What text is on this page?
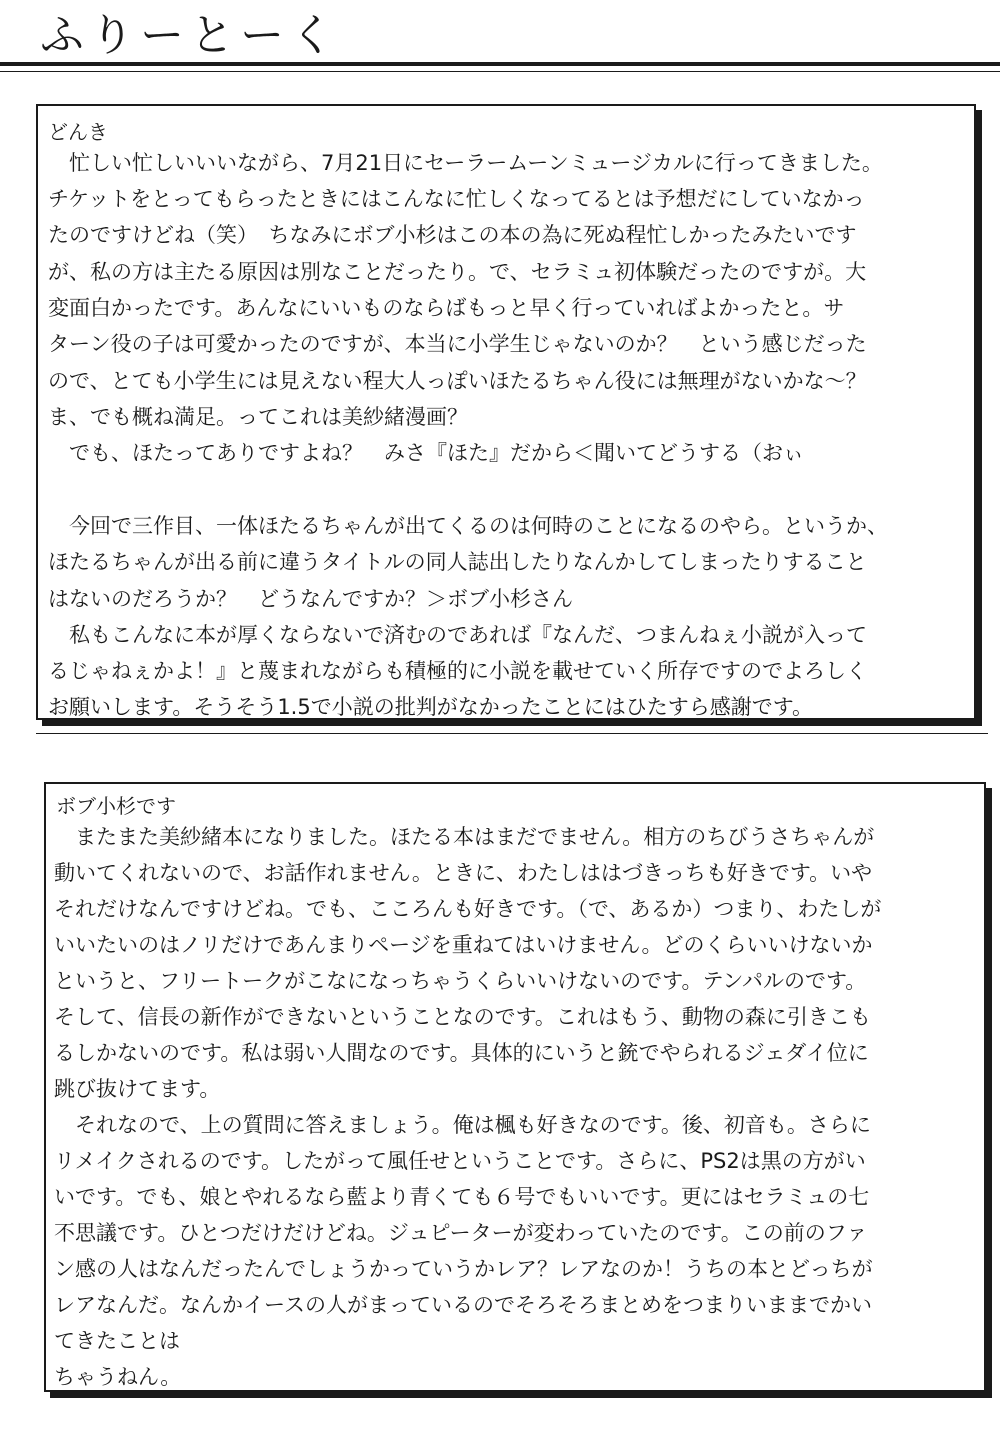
ふりーとーく
どんき
　忙しい忙しいいいながら、7月21日にセーラームーンミュージカルに行ってきました。
チケットをとってもらったときにはこんなに忙しくなってるとは予想だにしていなかっ
たのですけどね（笑）　ちなみにボブ小杉はこの本の為に死ぬ程忙しかったみたいです
が、私の方は主たる原因は別なことだったり。で、セラミュ初体験だったのですが。大
変面白かったです。あんなにいいものならばもっと早く行っていればよかったと。サ
ターン役の子は可愛かったのですが、本当に小学生じゃないのか？　という感じだった
ので、とても小学生には見えない程大人っぽいほたるちゃん役には無理がないかな～？
ま、でも概ね満足。ってこれは美紗緒漫画？
　でも、ほたってありですよね？　みさ『ほた』だから＜聞いてどうする（おぃ
　今回で三作目、一体ほたるちゃんが出てくるのは何時のことになるのやら。というか、
ほたるちゃんが出る前に違うタイトルの同人誌出したりなんかしてしまったりすること
はないのだろうか？　どうなんですか？＞ボブ小杉さん
　私もこんなに本が厚くならないで済むのであれば『なんだ、つまんねぇ小説が入って
るじゃねぇかよ！』と蔑まれながらも積極的に小説を載せていく所存ですのでよろしく
お願いします。そうそう1.5で小説の批判がなかったことにはひたすら感謝です。
ボブ小杉です
　またまた美紗緒本になりました。ほたる本はまだでません。相方のちびうさちゃんが
動いてくれないので、お話作れません。ときに、わたしははづきっちも好きです。いや
それだけなんですけどね。でも、こころんも好きです。（で、あるか）つまり、わたしが
いいたいのはノリだけであんまりページを重ねてはいけません。どのくらいいけないか
というと、フリートークがこなになっちゃうくらいいけないのです。テンパルのです。
そして、信長の新作ができないということなのです。これはもう、動物の森に引きこも
るしかないのです。私は弱い人間なのです。具体的にいうと銃でやられるジェダイ位に
跳び抜けてます。
　それなので、上の質問に答えましょう。俺は楓も好きなのです。後、初音も。さらに
リメイクされるのです。したがって風任せということです。さらに、PS2は黒の方がい
いです。でも、娘とやれるなら藍より青くても６号でもいいです。更にはセラミュの七
不思議です。ひとつだけだけどね。ジュピーターが変わっていたのです。この前のファ
ン感の人はなんだったんでしょうかっていうかレア？レアなのか！うちの本とどっちが
レアなんだ。なんかイースの人がまっているのでそろそろまとめをつまりいままでかい
てきたことは
ちゃうねん。
